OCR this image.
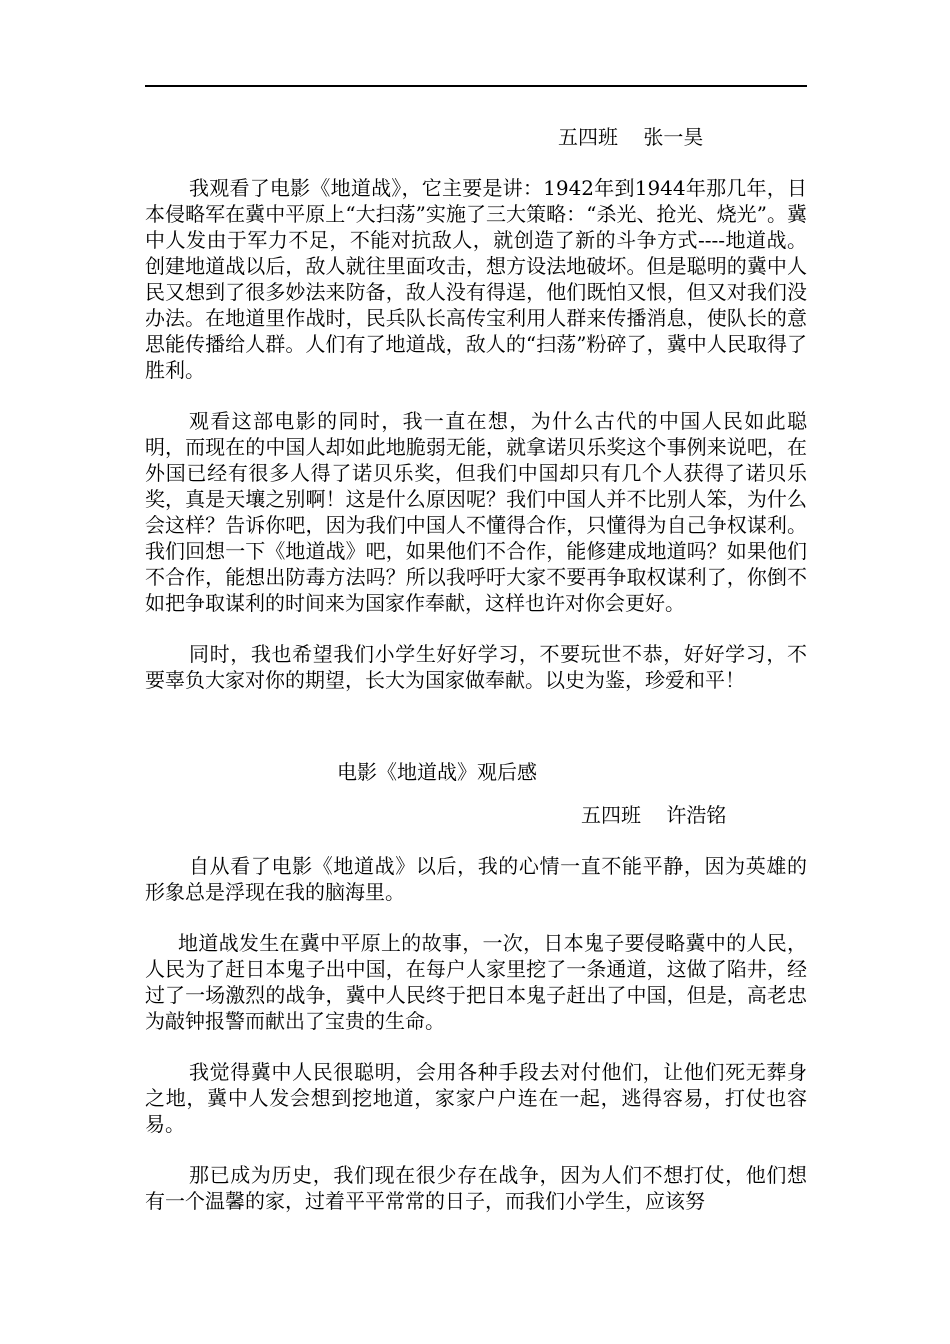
五四班    张一昊

我观看了电影《地道战》，它主要是讲：1942年到1944年那几年，日本侵略军在冀中平原上“大扫荡”实施了三大策略：“杀光、抢光、烧光”。冀中人发由于军力不足，不能对抗敌人，就创造了新的斗争方式----地道战。创建地道战以后，敌人就往里面攻击，想方设法地破坏。但是聪明的冀中人民又想到了很多妙法来防备，敌人没有得逞，他们既怕又恨，但又对我们没办法。在地道里作战时，民兵队长高传宝利用人群来传播消息，使队长的意思能传播给人群。人们有了地道战，敌人的“扫荡”粉碎了，冀中人民取得了胜利。

观看这部电影的同时，我一直在想，为什么古代的中国人民如此聪明，而现在的中国人却如此地脆弱无能，就拿诺贝乐奖这个事例来说吧，在外国已经有很多人得了诺贝乐奖，但我们中国却只有几个人获得了诺贝乐奖，真是天壤之别啊！这是什么原因呢？我们中国人并不比别人笨，为什么会这样？告诉你吧，因为我们中国人不懂得合作，只懂得为自己争权谋利。我们回想一下《地道战》吧，如果他们不合作，能修建成地道吗？如果他们不合作，能想出防毒方法吗？所以我呼吁大家不要再争取权谋利了，你倒不如把争取谋利的时间来为国家作奉献，这样也许对你会更好。

同时，我也希望我们小学生好好学习，不要玩世不恭，好好学习，不要辜负大家对你的期望，长大为国家做奉献。以史为鉴，珍爱和平！

电影《地道战》观后感

五四班    许浩铭

自从看了电影《地道战》以后，我的心情一直不能平静，因为英雄的形象总是浮现在我的脑海里。

地道战发生在冀中平原上的故事，一次，日本鬼子要侵略冀中的人民，人民为了赶日本鬼子出中国，在每户人家里挖了一条通道，这做了陷井，经过了一场激烈的战争，冀中人民终于把日本鬼子赶出了中国，但是，高老忠为敲钟报警而献出了宝贵的生命。

我觉得冀中人民很聪明，会用各种手段去对付他们，让他们死无葬身之地，冀中人发会想到挖地道，家家户户连在一起，逃得容易，打仗也容易。

那已成为历史，我们现在很少存在战争，因为人们不想打仗，他们想有一个温馨的家，过着平平常常的日子，而我们小学生，应该努
